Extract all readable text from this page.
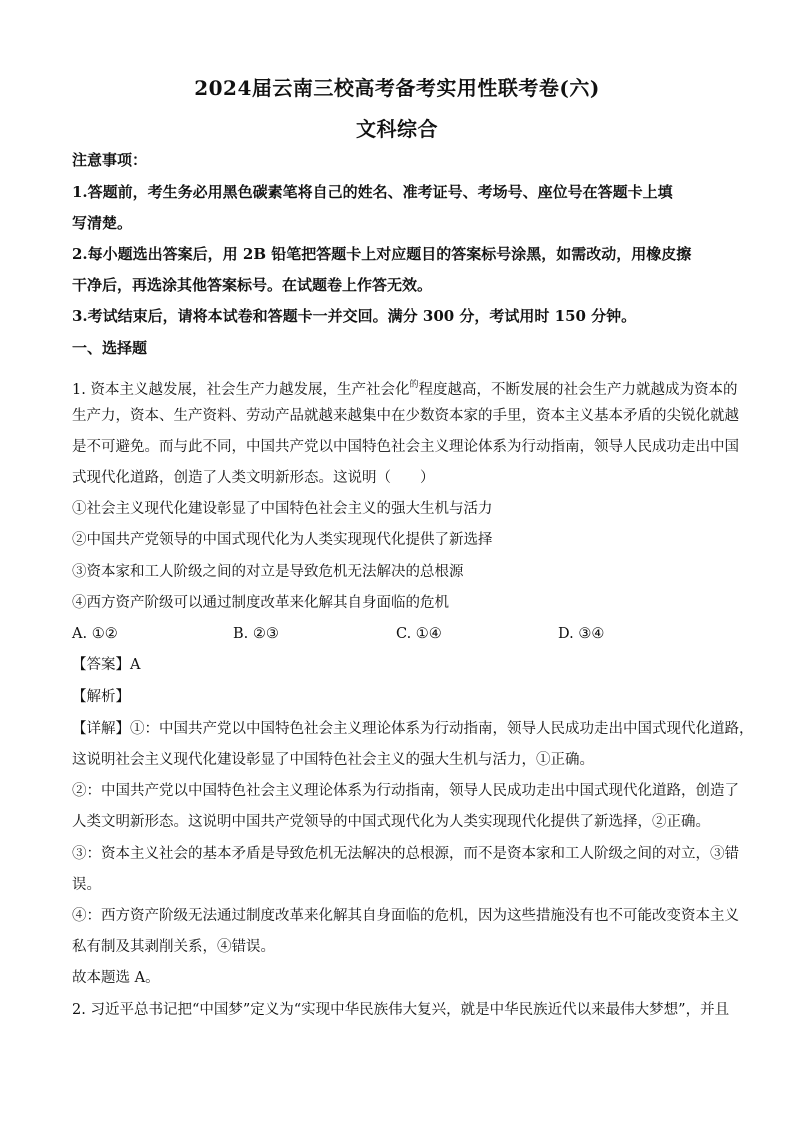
2024届云南三校高考备考实用性联考卷(六)
文科综合
注意事项：
1.答题前，考生务必用黑色碳素笔将自己的姓名、准考证号、考场号、座位号在答题卡上填
写清楚。
2.每小题选出答案后，用 2B 铅笔把答题卡上对应题目的答案标号涂黑，如需改动，用橡皮擦
干净后，再选涂其他答案标号。在试题卷上作答无效。
3.考试结束后，请将本试卷和答题卡一并交回。满分 300 分，考试用时 150 分钟。
一、选择题
1. 资本主义越发展，社会生产力越发展，生产社会化$^的$程度越高，不断发展的社会生产力就越成为资本的
生产力，资本、生产资料、劳动产品就越来越集中在少数资本家的手里，资本主义基本矛盾的尖锐化就越
是不可避免。而与此不同，中国共产党以中国特色社会主义理论体系为行动指南，领导人民成功走出中国
式现代化道路，创造了人类文明新形态。这说明（　　）
①社会主义现代化建设彰显了中国特色社会主义的强大生机与活力
②中国共产党领导的中国式现代化为人类实现现代化提供了新选择
③资本家和工人阶级之间的对立是导致危机无法解决的总根源
④西方资产阶级可以通过制度改革来化解其自身面临的危机
A. ①②	B. ②③	C. ①④	D. ③④
【答案】A
【解析】
【详解】①：中国共产党以中国特色社会主义理论体系为行动指南，领导人民成功走出中国式现代化道路，
这说明社会主义现代化建设彰显了中国特色社会主义的强大生机与活力，①正确。
②：中国共产党以中国特色社会主义理论体系为行动指南，领导人民成功走出中国式现代化道路，创造了
人类文明新形态。这说明中国共产党领导的中国式现代化为人类实现现代化提供了新选择，②正确。
③：资本主义社会的基本矛盾是导致危机无法解决的总根源，而不是资本家和工人阶级之间的对立，③错
误。
④：西方资产阶级无法通过制度改革来化解其自身面临的危机，因为这些措施没有也不可能改变资本主义
私有制及其剥削关系，④错误。
故本题选 A。
2. 习近平总书记把“中国梦”定义为“实现中华民族伟大复兴，就是中华民族近代以来最伟大梦想”，并且
